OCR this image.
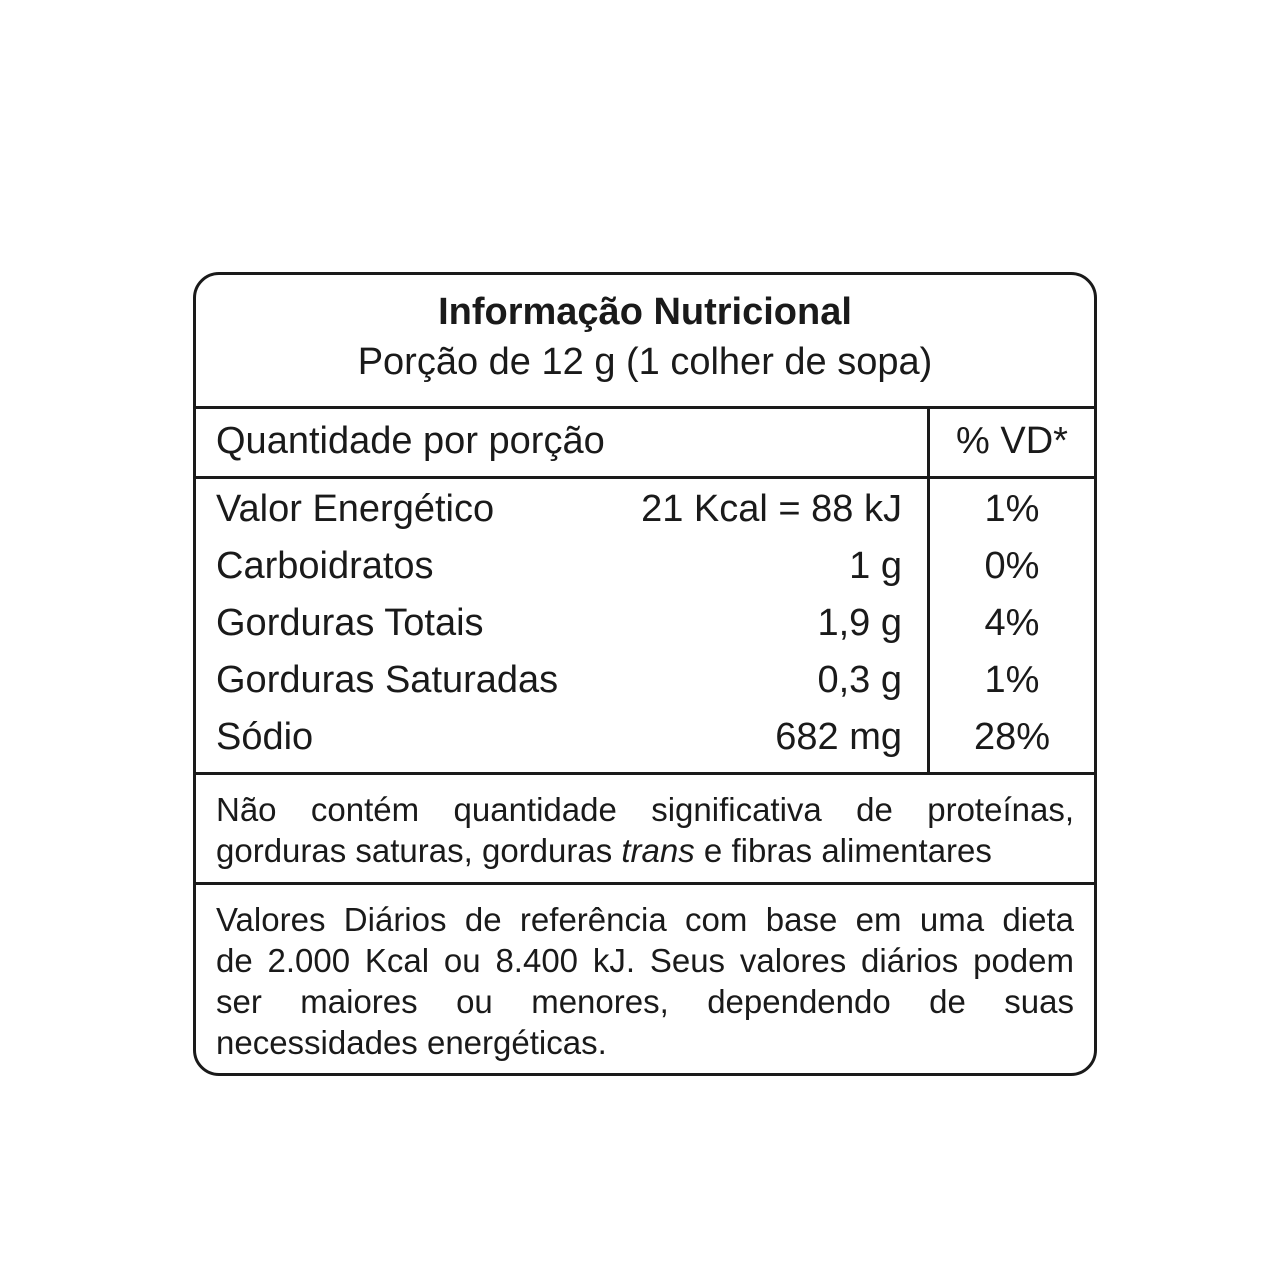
Informação Nutricional
Porção de 12 g (1 colher de sopa)
Quantidade por porção	% VD*
Valor Energético	21 Kcal = 88 kJ	1%
Carboidratos	1 g	0%
Gorduras Totais	1,9 g	4%
Gorduras Saturadas	0,3 g	1%
Sódio	682 mg	28%

Não contém quantidade significativa de proteínas,
gorduras saturas, gorduras trans e fibras alimentares

Valores Diários de referência com base em uma dieta
de 2.000 Kcal ou 8.400 kJ. Seus valores diários podem
ser maiores ou menores, dependendo de suas
necessidades energéticas.
